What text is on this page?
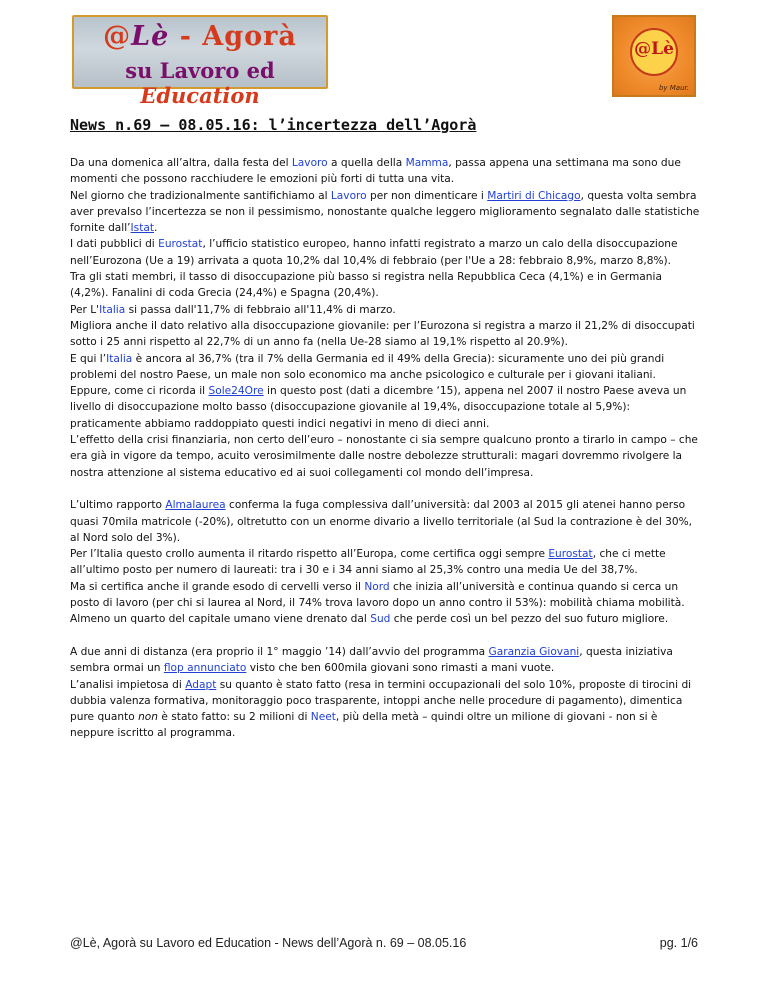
@Lè - Agorà
su Lavoro ed Education
@Lè
by Maur.
News n.69 – 08.05.16: l’incertezza dell’Agorà

Da una domenica all’altra, dalla festa del Lavoro a quella della Mamma, passa appena una settimana ma sono due momenti che possono racchiudere le emozioni più forti di tutta una vita.
Nel giorno che tradizionalmente santifichiamo al Lavoro per non dimenticare i Martiri di Chicago, questa volta sembra aver prevalso l’incertezza se non il pessimismo, nonostante qualche leggero miglioramento segnalato dalle statistiche fornite dall’Istat.
I dati pubblici di Eurostat, l’ufficio statistico europeo, hanno infatti registrato a marzo un calo della disoccupazione nell’Eurozona (Ue a 19) arrivata a quota 10,2% dal 10,4% di febbraio (per l'Ue a 28: febbraio 8,9%, marzo 8,8%).
Tra gli stati membri, il tasso di disoccupazione più basso si registra nella Repubblica Ceca (4,1%) e in Germania (4,2%). Fanalini di coda Grecia (24,4%) e Spagna (20,4%).
Per L'Italia si passa dall'11,7% di febbraio all'11,4% di marzo.
Migliora anche il dato relativo alla disoccupazione giovanile: per l’Eurozona si registra a marzo il 21,2% di disoccupati sotto i 25 anni rispetto al 22,7% di un anno fa (nella Ue-28 siamo al 19,1% rispetto al 20.9%).
E qui l’Italia è ancora al 36,7% (tra il 7% della Germania ed il 49% della Grecia): sicuramente uno dei più grandi problemi del nostro Paese, un male non solo economico ma anche psicologico e culturale per i giovani italiani.
Eppure, come ci ricorda il Sole24Ore in questo post (dati a dicembre ‘15), appena nel 2007 il nostro Paese aveva un livello di disoccupazione molto basso (disoccupazione giovanile al 19,4%, disoccupazione totale al 5,9%): praticamente abbiamo raddoppiato questi indici negativi in meno di dieci anni.
L’effetto della crisi finanziaria, non certo dell’euro – nonostante ci sia sempre qualcuno pronto a tirarlo in campo – che era già in vigore da tempo, acuito verosimilmente dalle nostre debolezze strutturali: magari dovremmo rivolgere la nostra attenzione al sistema educativo ed ai suoi collegamenti col mondo dell’impresa.

L’ultimo rapporto Almalaurea conferma la fuga complessiva dall’università: dal 2003 al 2015 gli atenei hanno perso quasi 70mila matricole (-20%), oltretutto con un enorme divario a livello territoriale (al Sud la contrazione è del 30%, al Nord solo del 3%).
Per l’Italia questo crollo aumenta il ritardo rispetto all’Europa, come certifica oggi sempre Eurostat, che ci mette all’ultimo posto per numero di laureati: tra i 30 e i 34 anni siamo al 25,3% contro una media Ue del 38,7%.
Ma si certifica anche il grande esodo di cervelli verso il Nord che inizia all’università e continua quando si cerca un posto di lavoro (per chi si laurea al Nord, il 74% trova lavoro dopo un anno contro il 53%): mobilità chiama mobilità.
Almeno un quarto del capitale umano viene drenato dal Sud che perde così un bel pezzo del suo futuro migliore.

A due anni di distanza (era proprio il 1° maggio ’14) dall’avvio del programma Garanzia Giovani, questa iniziativa sembra ormai un flop annunciato visto che ben 600mila giovani sono rimasti a mani vuote.
L’analisi impietosa di Adapt su quanto è stato fatto (resa in termini occupazionali del solo 10%, proposte di tirocini di dubbia valenza formativa, monitoraggio poco trasparente, intoppi anche nelle procedure di pagamento), dimentica pure quanto non è stato fatto: su 2 milioni di Neet, più della metà – quindi oltre un milione di giovani - non si è neppure iscritto al programma.

@Lè, Agorà su Lavoro ed Education - News dell’Agorà n. 69 – 08.05.16	pg. 1/6
